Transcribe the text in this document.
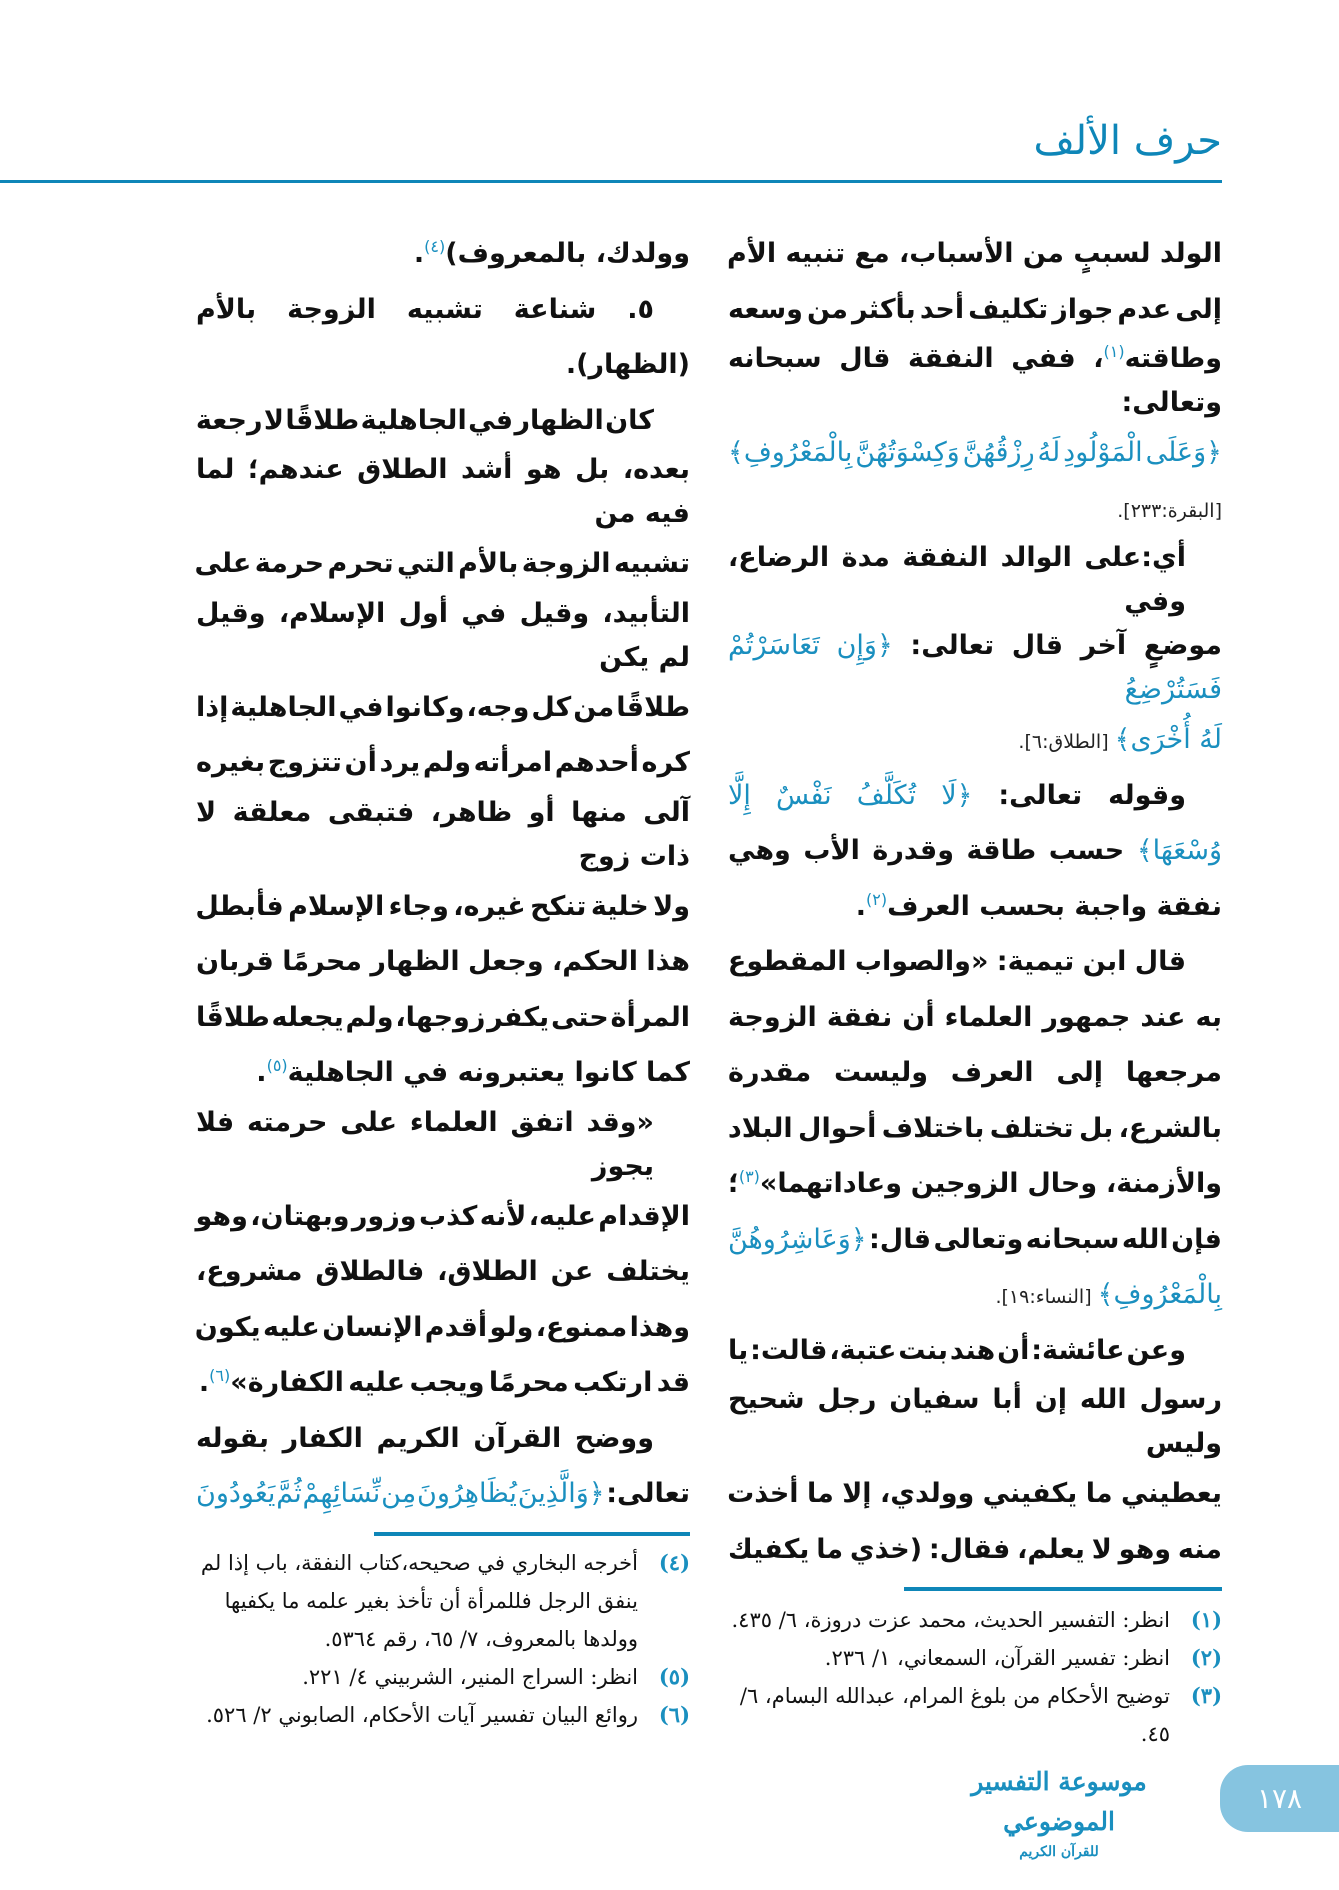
حرف الألف
الولد لسببٍ من الأسباب، مع تنبيه الأم
إلى عدم جواز تكليف أحد بأكثر من وسعه
وطاقته$^{(١)}$، ففي النفقة قال سبحانه وتعالى:
﴿وَعَلَى الْمَوْلُودِ لَهُ رِزْقُهُنَّ وَكِسْوَتُهُنَّ بِالْمَعْرُوفِ﴾
[البقرة:٢٣٣].
أي:على الوالد النفقة مدة الرضاع، وفي
موضعٍ آخر قال تعالى: ﴿وَإِن تَعَاسَرْتُمْ فَسَتُرْضِعُ
لَهُ أُخْرَى﴾ [الطلاق:٦].
وقوله تعالى: ﴿لَا تُكَلَّفُ نَفْسٌ إِلَّا
وُسْعَهَا﴾ حسب طاقة وقدرة الأب وهي
نفقة واجبة بحسب العرف$^{(٢)}$.
قال ابن تيمية: «والصواب المقطوع
به عند جمهور العلماء أن نفقة الزوجة
مرجعها إلى العرف وليست مقدرة
بالشرع، بل تختلف باختلاف أحوال البلاد
والأزمنة، وحال الزوجين وعاداتهما»$^{(٣)}$؛
فإن الله سبحانه وتعالى قال: ﴿وَعَاشِرُوهُنَّ
بِالْمَعْرُوفِ﴾ [النساء:١٩].
وعن عائشة: أن هند بنت عتبة، قالت: يا
رسول الله إن أبا سفيان رجل شحيح وليس
يعطيني ما يكفيني وولدي، إلا ما أخذت
منه وهو لا يعلم، فقال: (خذي ما يكفيك
وولدك، بالمعروف)$^{(٤)}$.
٥. شناعة تشبيه الزوجة بالأم
(الظهار).
كان الظهار في الجاهلية طلاقًا لا رجعة
بعده، بل هو أشد الطلاق عندهم؛ لما فيه من
تشبيه الزوجة بالأم التي تحرم حرمة على
التأبيد، وقيل في أول الإسلام، وقيل لم يكن
طلاقًا من كل وجه، وكانوا في الجاهلية إذا
كره أحدهم امرأته ولم يرد أن تتزوج بغيره
آلى منها أو ظاهر، فتبقى معلقة لا ذات زوج
ولا خلية تنكح غيره، وجاء الإسلام فأبطل
هذا الحكم، وجعل الظهار محرمًا قربان
المرأة حتى يكفر زوجها، ولم يجعله طلاقًا
كما كانوا يعتبرونه في الجاهلية$^{(٥)}$.
«وقد اتفق العلماء على حرمته فلا يجوز
الإقدام عليه، لأنه كذب وزور وبهتان، وهو
يختلف عن الطلاق، فالطلاق مشروع،
وهذا ممنوع، ولو أقدم الإنسان عليه يكون
قد ارتكب محرمًا ويجب عليه الكفارة»$^{(٦)}$.
ووضح القرآن الكريم الكفار بقوله
تعالى: ﴿وَالَّذِينَ يُظَاهِرُونَ مِن نِّسَائِهِمْ ثُمَّ يَعُودُونَ
(٤)
أخرجه البخاري في صحيحه،كتاب النفقة، باب إذا لم ينفق الرجل فللمرأة أن تأخذ بغير علمه ما يكفيها وولدها بالمعروف، ٧/ ٦٥، رقم ٥٣٦٤.
(٥)
انظر: السراج المنير، الشربيني ٤/ ٢٢١.
(٦)
روائع البيان تفسير آيات الأحكام، الصابوني ٢/ ٥٢٦.
(١)
انظر: التفسير الحديث، محمد عزت دروزة، ٦/ ٤٣٥.
(٢)
انظر: تفسير القرآن، السمعاني، ١/ ٢٣٦.
(٣)
توضيح الأحكام من بلوغ المرام، عبدالله البسام، ٦/ ٤٥.
موسوعة التفسير الموضوعي
للقرآن الكريم
١٧٨
